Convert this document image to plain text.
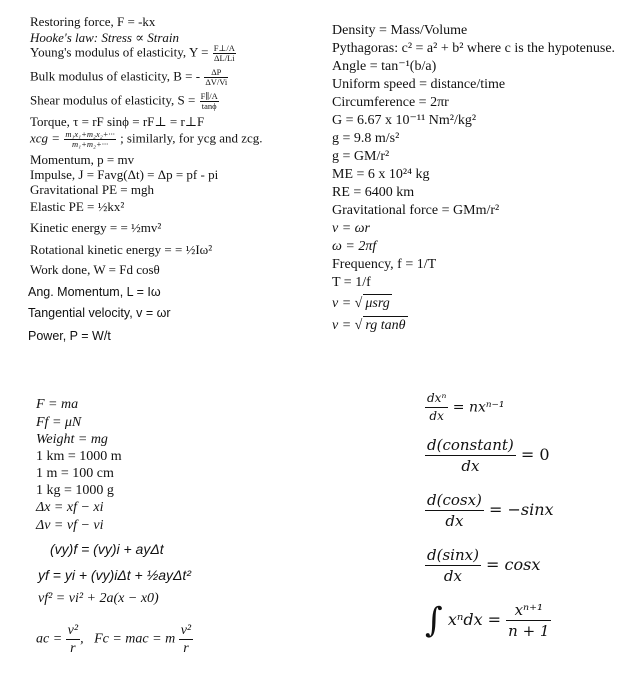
Restoring force, F = -kx
Hooke's law: Stress ∝ Strain
Young's modulus of elasticity, $Y = \frac{F\perp/A}{\Delta L/Li}$
Bulk modulus of elasticity, B = - $\frac{\Delta P}{\Delta V/Vi}$
Shear modulus of elasticity, $S = \frac{F\parallel/A}{\tan\phi}$
Torque, τ = rF sinϕ = rF⊥ = r⊥F
xcg = $\frac{\text{m₁x₁+m₂x₂+···}}{\text{m₁+m₂+···}}$ ; similarly, for ycg and zcg.
Momentum, p = mv
Impulse, J = Favg(Δt) = Δp = pf - pi
Gravitational PE = mgh
Elastic PE = ½kx²
Kinetic energy = = ½mv²
Rotational kinetic energy = = ½Iω²
Work done, W = Fd cosθ
Ang. Momentum, L = Iω
Tangential velocity, v = ωr
Power, P = W/t
Density = Mass/Volume
Pythagoras: c² = a² + b² where c is the hypotenuse.
Angle = tan⁻¹(b/a)
Uniform speed = distance/time
Circumference = 2πr
G = 6.67 x 10⁻¹¹ Nm²/kg²
g = 9.8 m/s²
g = GM/r²
ME = 6 x 10²⁴ kg
RE = 6400 km
Gravitational force = GMm/r²
v = ωr
ω = 2πf
Frequency, f = 1/T
T = 1/f
v = √ μsrg
v = √ rg tanθ
F = ma
Ff = μN
Weight = mg
1 km = 1000 m
1 m = 100 cm
1 kg = 1000 g
Δx = xf − xi
Δv = vf − vi
(vy)f = (vy)i + ayΔt
yf = yi + (vy)iΔt + ½ayΔt²
vf² = vi² + 2a(x − x0)
ac = $\frac{\text{v²}}{r}$ ,   Fc = mac = m $\frac{\text{v²}}{r}$
$\frac{\text{dxⁿ}}{dx} = nx^{n-1}$
$\frac{\text{d(constant)}}{dx} = 0$
$\frac{d(\cos x)}{dx} = -\sin x$
$\frac{d(\sin x)}{dx} = \cos x$
∫ $x^ndx = \frac{\text{xⁿ⁺¹}}{n + 1}$
